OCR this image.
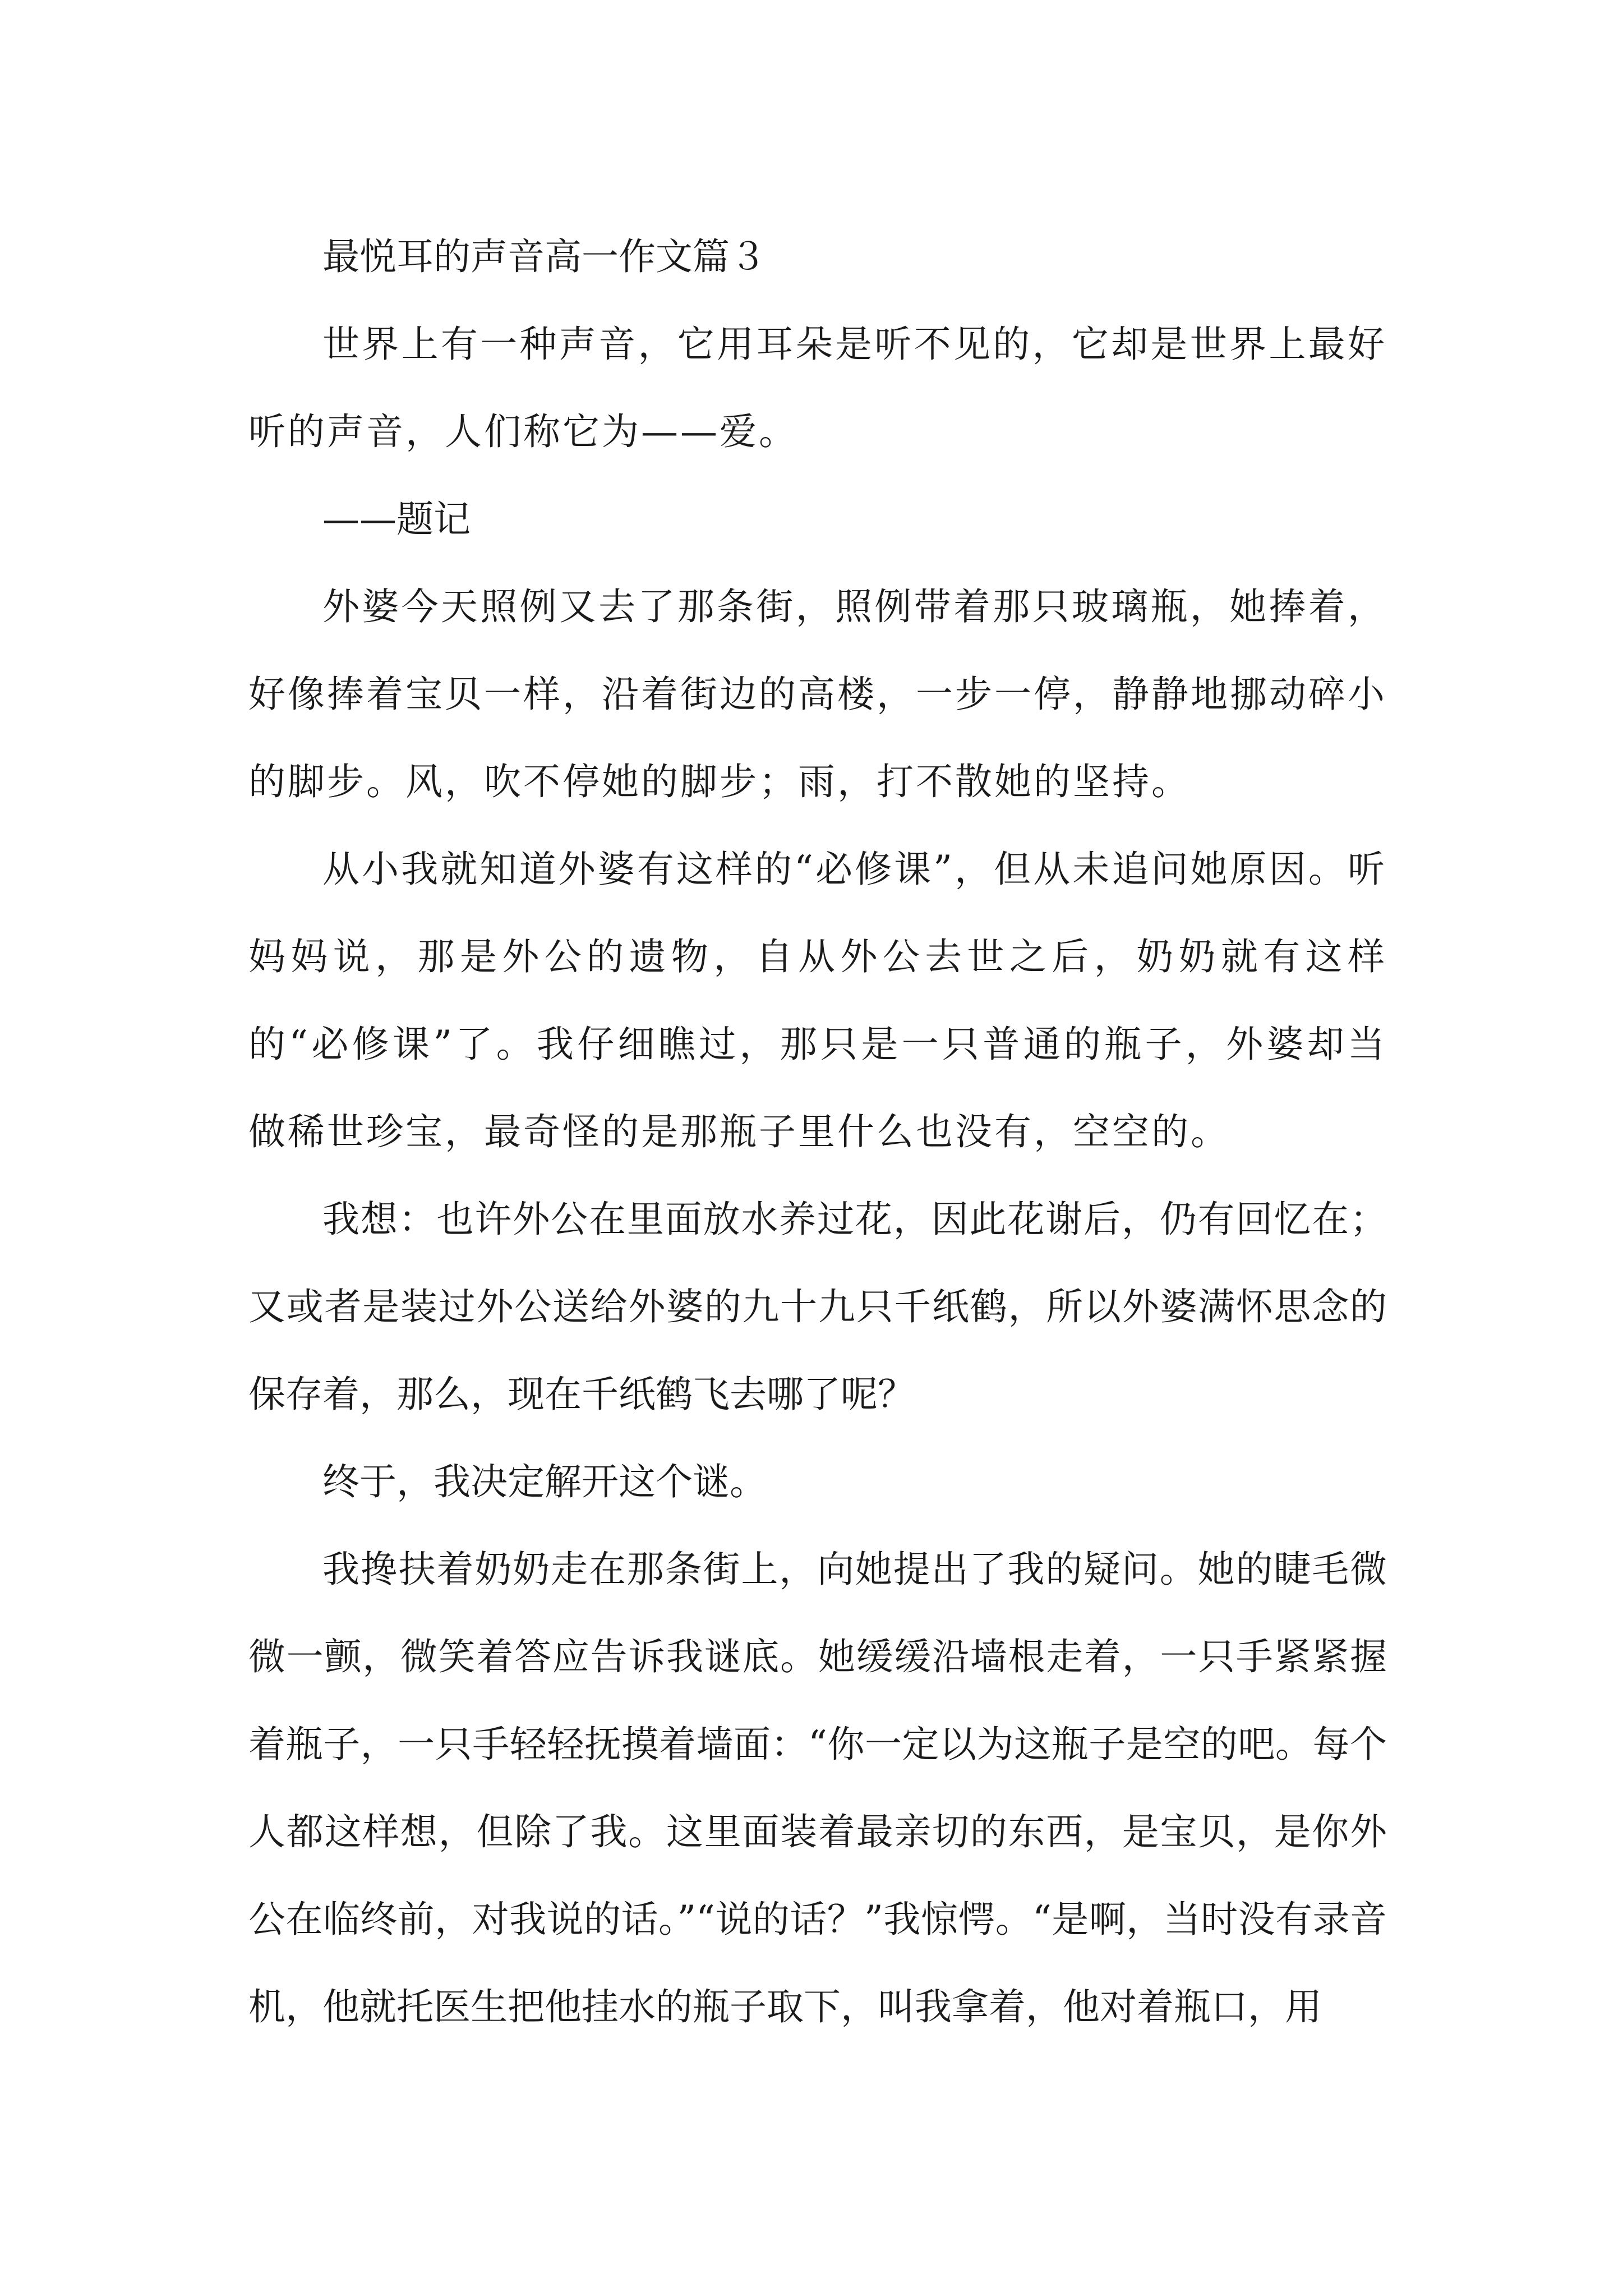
最悦耳的声音高一作文篇３

世界上有一种声音，它用耳朵是听不见的，它却是世界上最好听的声音，人们称它为——爱。

——题记

外婆今天照例又去了那条街，照例带着那只玻璃瓶，她捧着，好像捧着宝贝一样，沿着街边的高楼，一步一停，静静地挪动碎小的脚步。风，吹不停她的脚步；雨，打不散她的坚持。

从小我就知道外婆有这样的“必修课”，但从未追问她原因。听妈妈说，那是外公的遗物，自从外公去世之后，奶奶就有这样的“必修课”了。我仔细瞧过，那只是一只普通的瓶子，外婆却当做稀世珍宝，最奇怪的是那瓶子里什么也没有，空空的。

我想：也许外公在里面放水养过花，因此花谢后，仍有回忆在；又或者是装过外公送给外婆的九十九只千纸鹤，所以外婆满怀思念的保存着，那么，现在千纸鹤飞去哪了呢？

终于，我决定解开这个谜。

我搀扶着奶奶走在那条街上，向她提出了我的疑问。她的睫毛微微一颤，微笑着答应告诉我谜底。她缓缓沿墙根走着，一只手紧紧握着瓶子，一只手轻轻抚摸着墙面：“你一定以为这瓶子是空的吧。每个人都这样想，但除了我。这里面装着最亲切的东西，是宝贝，是你外公在临终前，对我说的话。”“说的话？”我惊愕。“是啊，当时没有录音机，他就托医生把他挂水的瓶子取下，叫我拿着，他对着瓶口，用
